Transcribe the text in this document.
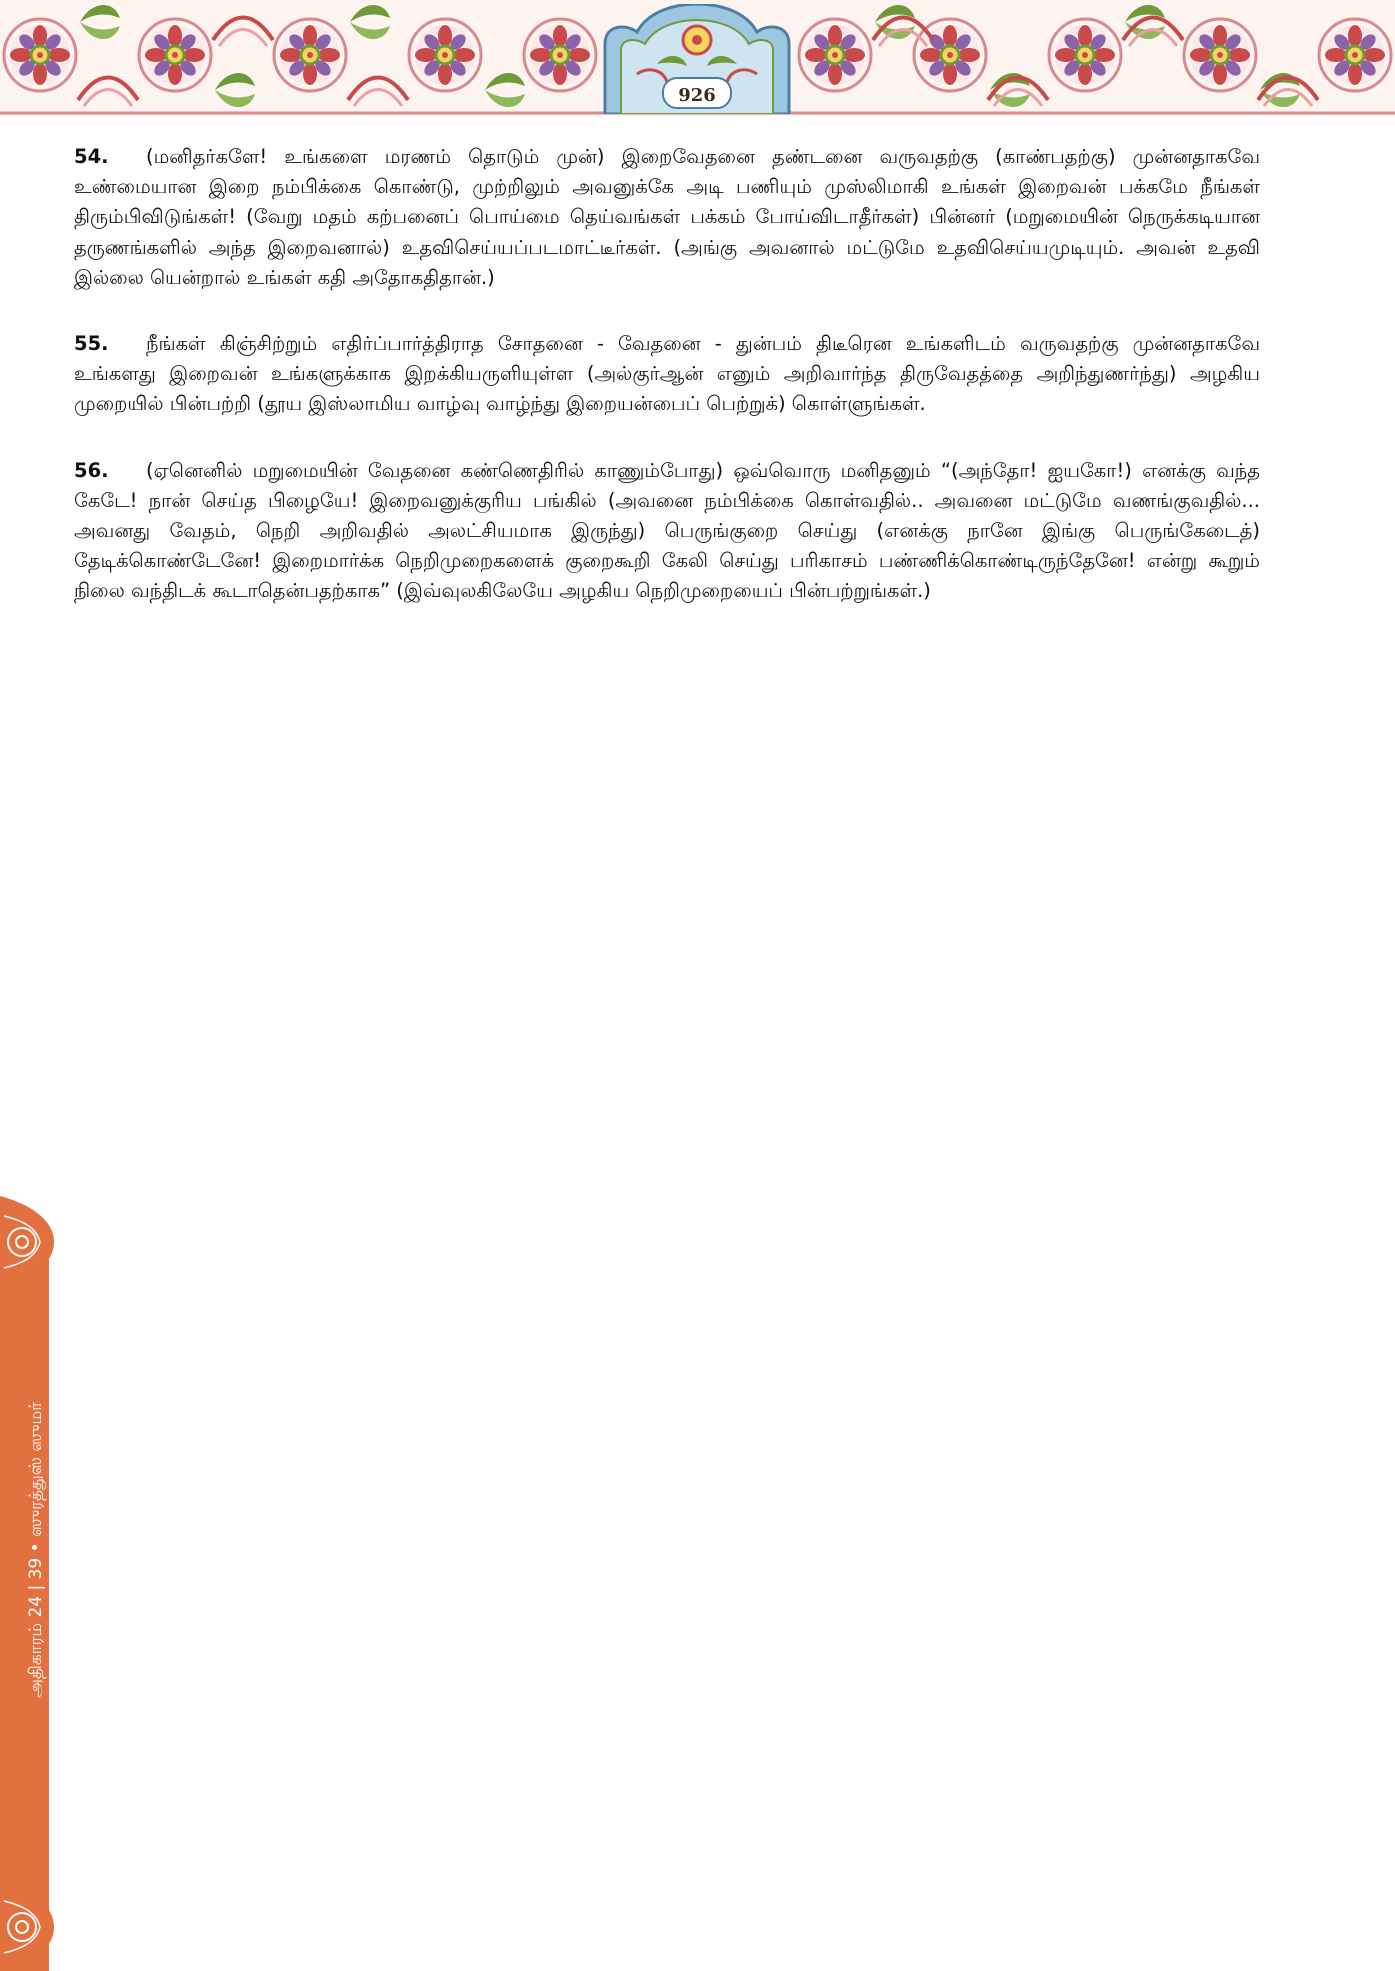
926

54. (மனிதர்களே! உங்களை மரணம் தொடும் முன்) இறைவேதனை தண்டனை வருவதற்கு (காண்பதற்கு) முன்னதாகவே உண்மையான இறை நம்பிக்கை கொண்டு, முற்றிலும் அவனுக்கே அடி பணியும் முஸ்லிமாகி உங்கள் இறைவன் பக்கமே நீங்கள் திரும்பிவிடுங்கள்! (வேறு மதம் கற்பனைப் பொய்மை தெய்வங்கள் பக்கம் போய்விடாதீர்கள்) பின்னர் (மறுமையின் நெருக்கடியான தருணங்களில் அந்த இறைவனால்) உதவிசெய்யப்படமாட்டீர்கள். (அங்கு அவனால் மட்டுமே உதவிசெய்யமுடியும். அவன் உதவி இல்லை யென்றால் உங்கள் கதி அதோகதிதான்.)

55. நீங்கள் கிஞ்சிற்றும் எதிர்ப்பார்த்திராத சோதனை - வேதனை - துன்பம் திடீரென உங்களிடம் வருவதற்கு முன்னதாகவே உங்களது இறைவன் உங்களுக்காக இறக்கியருளியுள்ள (அல்குர்ஆன் எனும் அறிவார்ந்த திருவேதத்தை அறிந்துணர்ந்து) அழகிய முறையில் பின்பற்றி (தூய இஸ்லாமிய வாழ்வு வாழ்ந்து இறையன்பைப் பெற்றுக்) கொள்ளுங்கள்.

56. (ஏனெனில் மறுமையின் வேதனை கண்ணெதிரில் காணும்போது) ஒவ்வொரு மனிதனும் “(அந்தோ! ஐயகோ!) எனக்கு வந்த கேடே! நான் செய்த பிழையே! இறைவனுக்குரிய பங்கில் (அவனை நம்பிக்கை கொள்வதில்.. அவனை மட்டுமே வணங்குவதில்... அவனது வேதம், நெறி அறிவதில் அலட்சியமாக இருந்து) பெருங்குறை செய்து (எனக்கு நானே இங்கு பெருங்கேடைத்) தேடிக்கொண்டேனே! இறைமார்க்க நெறிமுறைகளைக் குறைகூறி கேலி செய்து பரிகாசம் பண்ணிக்கொண்டிருந்தேனே! என்று கூறும் நிலை வந்திடக் கூடாதென்பதற்காக” (இவ்வுலகிலேயே அழகிய நெறிமுறையைப் பின்பற்றுங்கள்.)

அதிகாரம் 24 | 39 • ஸுரத்துஸ் ஸுமர்
